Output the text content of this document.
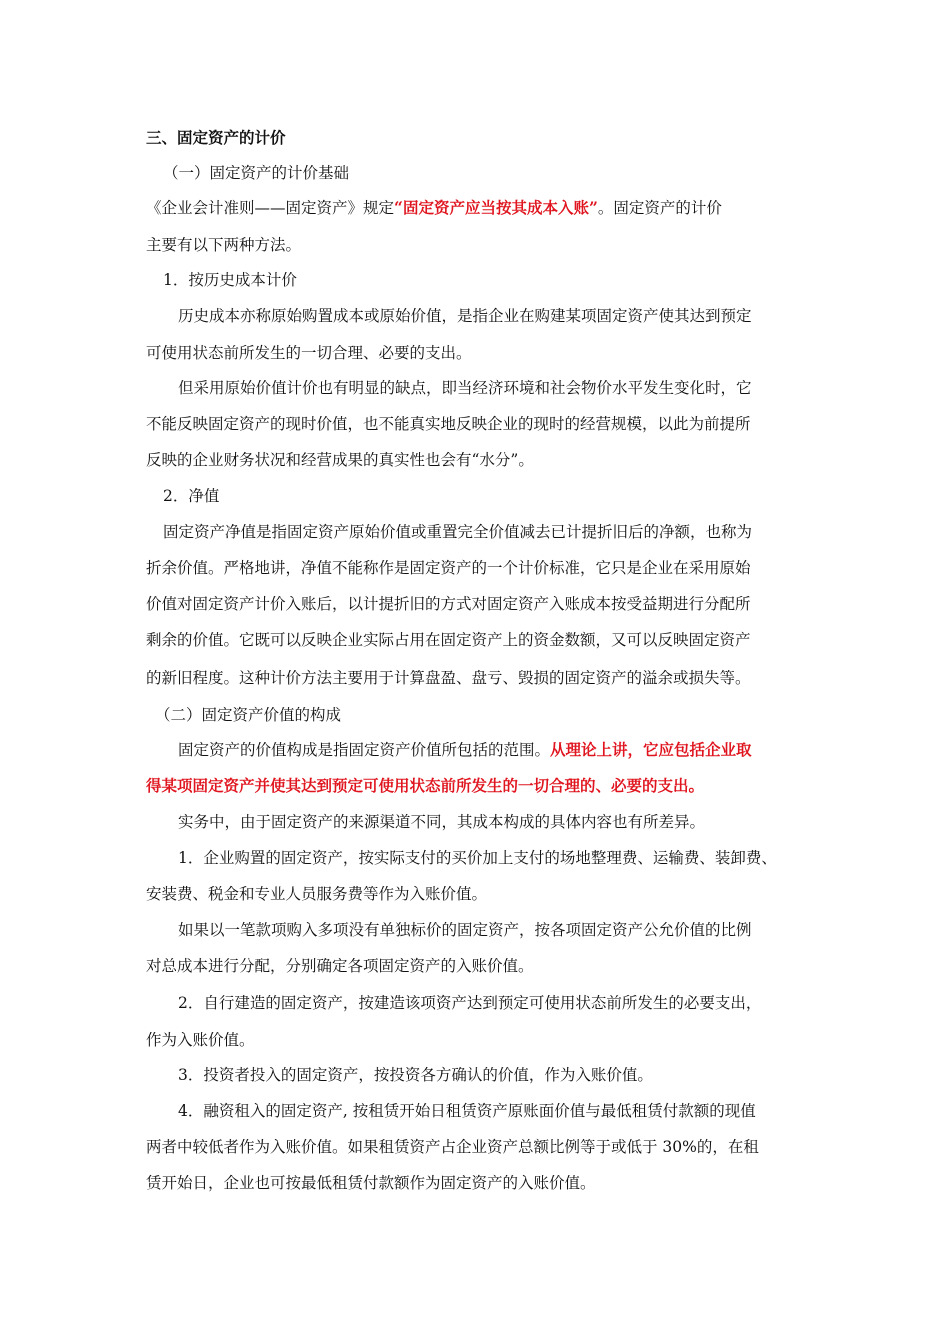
三、固定资产的计价
（一）固定资产的计价基础
《企业会计准则——固定资产》规定“固定资产应当按其成本入账”。固定资产的计价
主要有以下两种方法。
1．按历史成本计价
历史成本亦称原始购置成本或原始价值，是指企业在购建某项固定资产使其达到预定
可使用状态前所发生的一切合理、必要的支出。
但采用原始价值计价也有明显的缺点，即当经济环境和社会物价水平发生变化时，它
不能反映固定资产的现时价值，也不能真实地反映企业的现时的经营规模，以此为前提所
反映的企业财务状况和经营成果的真实性也会有“水分”。
2．净值
固定资产净值是指固定资产原始价值或重置完全价值减去已计提折旧后的净额，也称为
折余价值。严格地讲，净值不能称作是固定资产的一个计价标准，它只是企业在采用原始
价值对固定资产计价入账后，以计提折旧的方式对固定资产入账成本按受益期进行分配所
剩余的价值。它既可以反映企业实际占用在固定资产上的资金数额，又可以反映固定资产
的新旧程度。这种计价方法主要用于计算盘盈、盘亏、毁损的固定资产的溢余或损失等。
（二）固定资产价值的构成
固定资产的价值构成是指固定资产价值所包括的范围。从理论上讲，它应包括企业取
得某项固定资产并使其达到预定可使用状态前所发生的一切合理的、必要的支出。
实务中，由于固定资产的来源渠道不同，其成本构成的具体内容也有所差异。
1．企业购置的固定资产，按实际支付的买价加上支付的场地整理费、运输费、装卸费、
安装费、税金和专业人员服务费等作为入账价值。
如果以一笔款项购入多项没有单独标价的固定资产，按各项固定资产公允价值的比例
对总成本进行分配，分别确定各项固定资产的入账价值。
2．自行建造的固定资产，按建造该项资产达到预定可使用状态前所发生的必要支出，
作为入账价值。
3．投资者投入的固定资产，按投资各方确认的价值，作为入账价值。
4．融资租入的固定资产, 按租赁开始日租赁资产原账面价值与最低租赁付款额的现值
两者中较低者作为入账价值。如果租赁资产占企业资产总额比例等于或低于 30%的，在租
赁开始日，企业也可按最低租赁付款额作为固定资产的入账价值。
